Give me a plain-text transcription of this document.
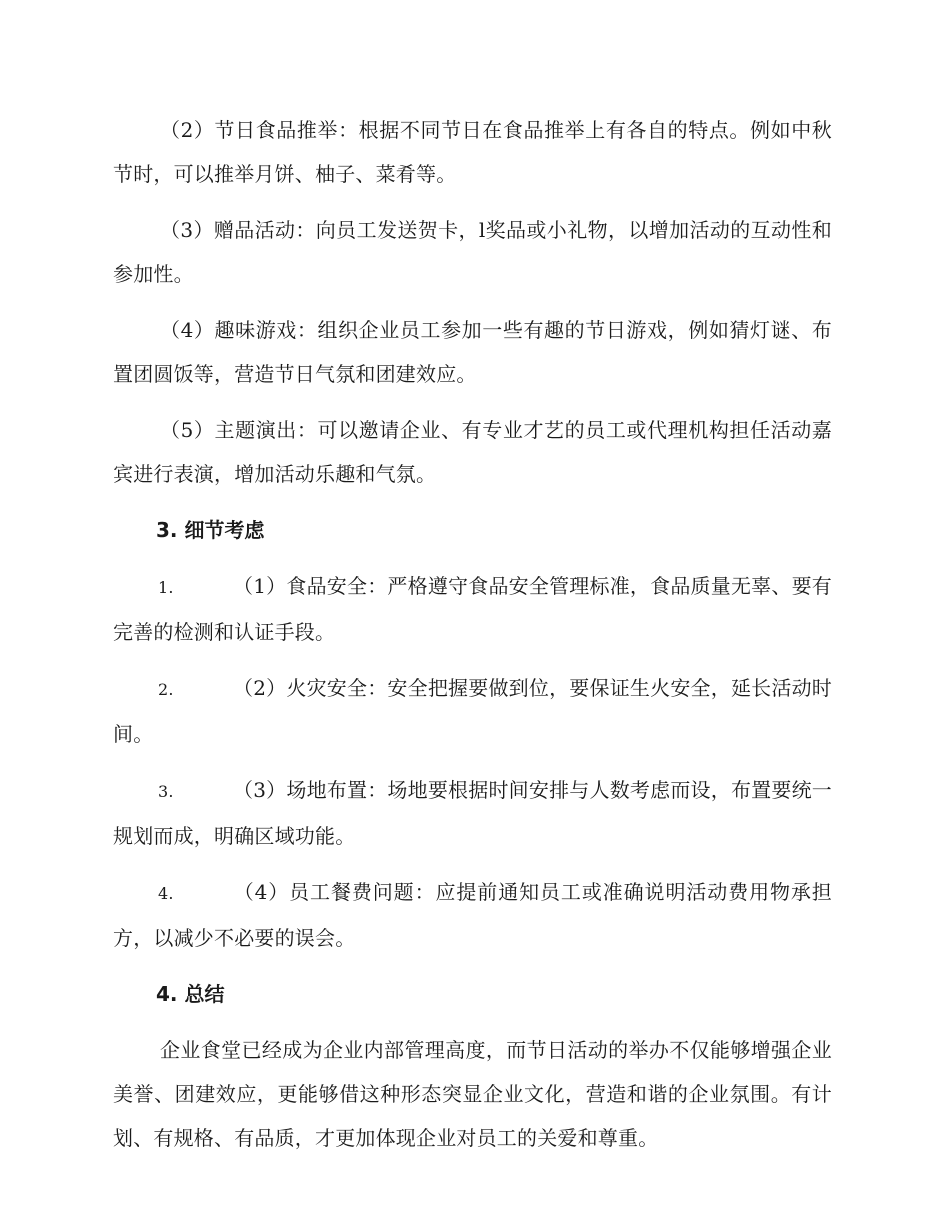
（2）节日食品推举：根据不同节日在食品推举上有各自的特点。例如中秋节时，可以推举月饼、柚子、菜肴等。

（3）赠品活动：向员工发送贺卡，l奖品或小礼物，以增加活动的互动性和参加性。

（4）趣味游戏：组织企业员工参加一些有趣的节日游戏，例如猜灯谜、布置团圆饭等，营造节日气氛和团建效应。

（5）主题演出：可以邀请企业、有专业才艺的员工或代理机构担任活动嘉宾进行表演，增加活动乐趣和气氛。

3. 细节考虑
1.	（1）食品安全：严格遵守食品安全管理标准，食品质量无辜、要有完善的检测和认证手段。
2.	（2）火灾安全：安全把握要做到位，要保证生火安全，延长活动时间。
3.	（3）场地布置：场地要根据时间安排与人数考虑而设，布置要统一规划而成，明确区域功能。
4.	（4）员工餐费问题：应提前通知员工或准确说明活动费用物承担方，以减少不必要的误会。
4. 总结

企业食堂已经成为企业内部管理高度，而节日活动的举办不仅能够增强企业美誉、团建效应，更能够借这种形态突显企业文化，营造和谐的企业氛围。有计划、有规格、有品质，才更加体现企业对员工的关爱和尊重。
